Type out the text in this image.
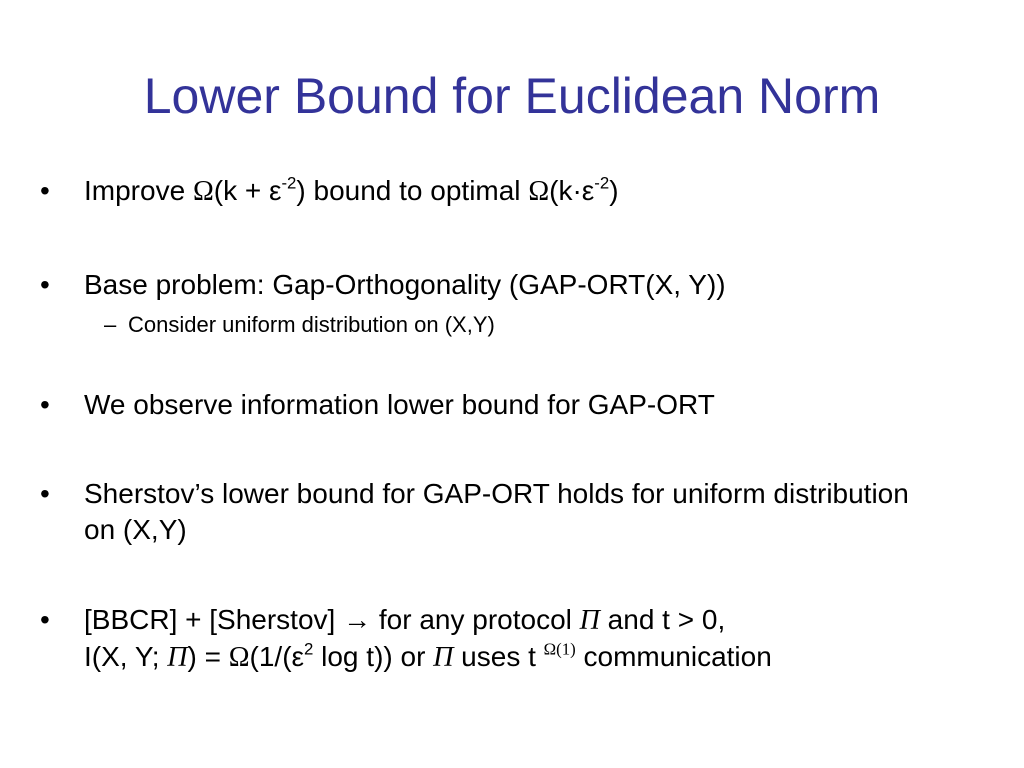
Lower Bound for Euclidean Norm
•	Improve $\Omega(k + \varepsilon^{-2})$ bound to optimal $\Omega(k\cdot\varepsilon^{-2})$
•	Base problem: Gap-Orthogonality (GAP-ORT(X, Y))
– Consider uniform distribution on (X,Y)
•	We observe information lower bound for GAP-ORT
•	Sherstov’s lower bound for GAP-ORT holds for uniform distribution on (X,Y)
•	[BBCR] + [Sherstov] → for any protocol Π and t > 0,
I(X, Y; $\Pi) = \Omega(1/(\varepsilon^2$ log t)) or Π uses t $^{\Omega(1)}$ communication
